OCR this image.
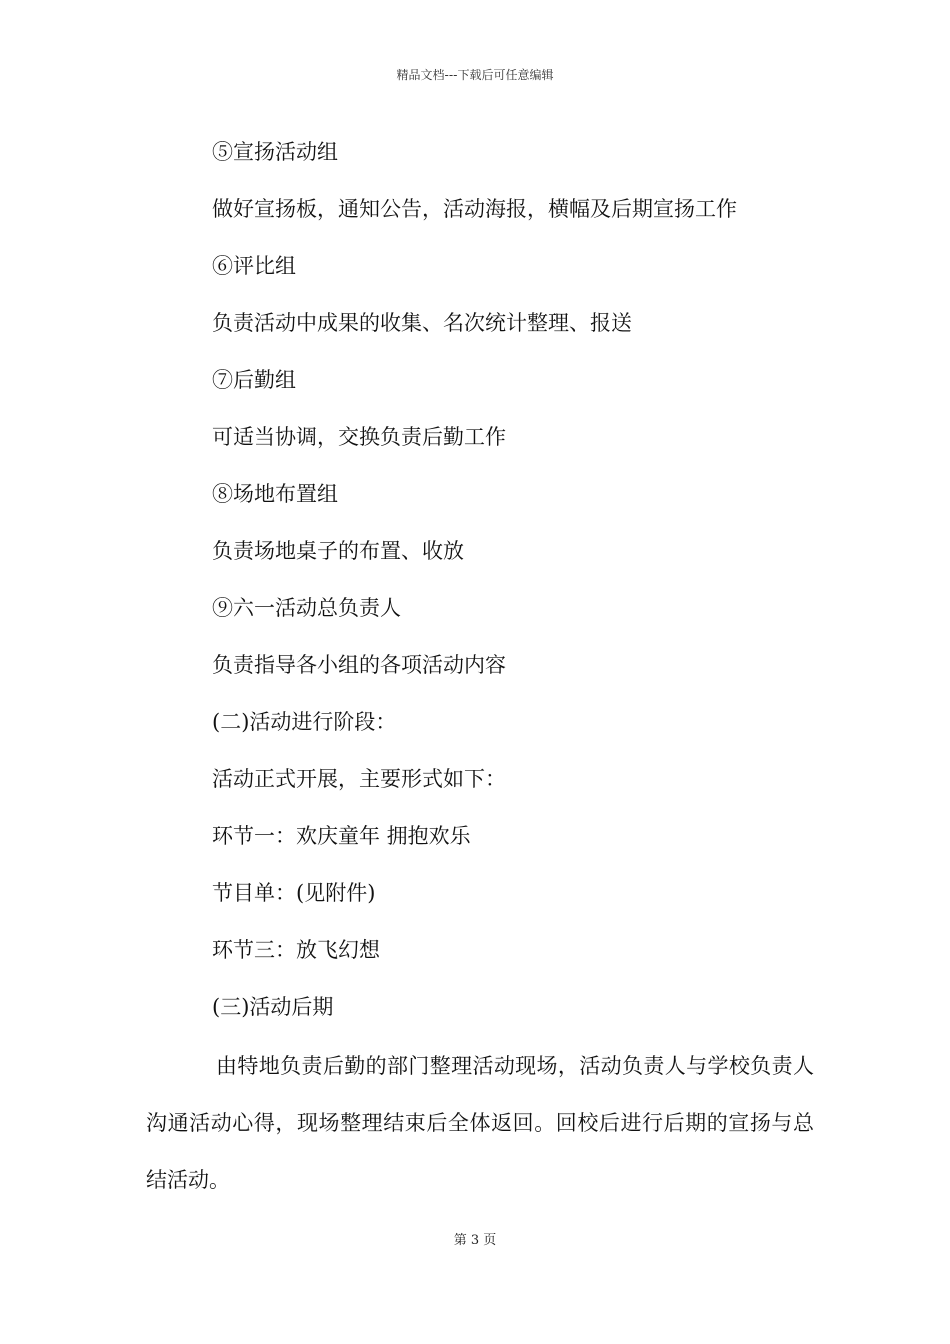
精品文档---下载后可任意编辑
⑤宣扬活动组
做好宣扬板，通知公告，活动海报，横幅及后期宣扬工作
⑥评比组
负责活动中成果的收集、名次统计整理、报送
⑦后勤组
可适当协调，交换负责后勤工作
⑧场地布置组
负责场地桌子的布置、收放
⑨六一活动总负责人
负责指导各小组的各项活动内容
(二)活动进行阶段：
活动正式开展，主要形式如下：
环节一：欢庆童年 拥抱欢乐
节目单：(见附件)
环节三：放飞幻想
(三)活动后期
由特地负责后勤的部门整理活动现场，活动负责人与学校负责人沟通活动心得，现场整理结束后全体返回。回校后进行后期的宣扬与总结活动。
第 3 页
